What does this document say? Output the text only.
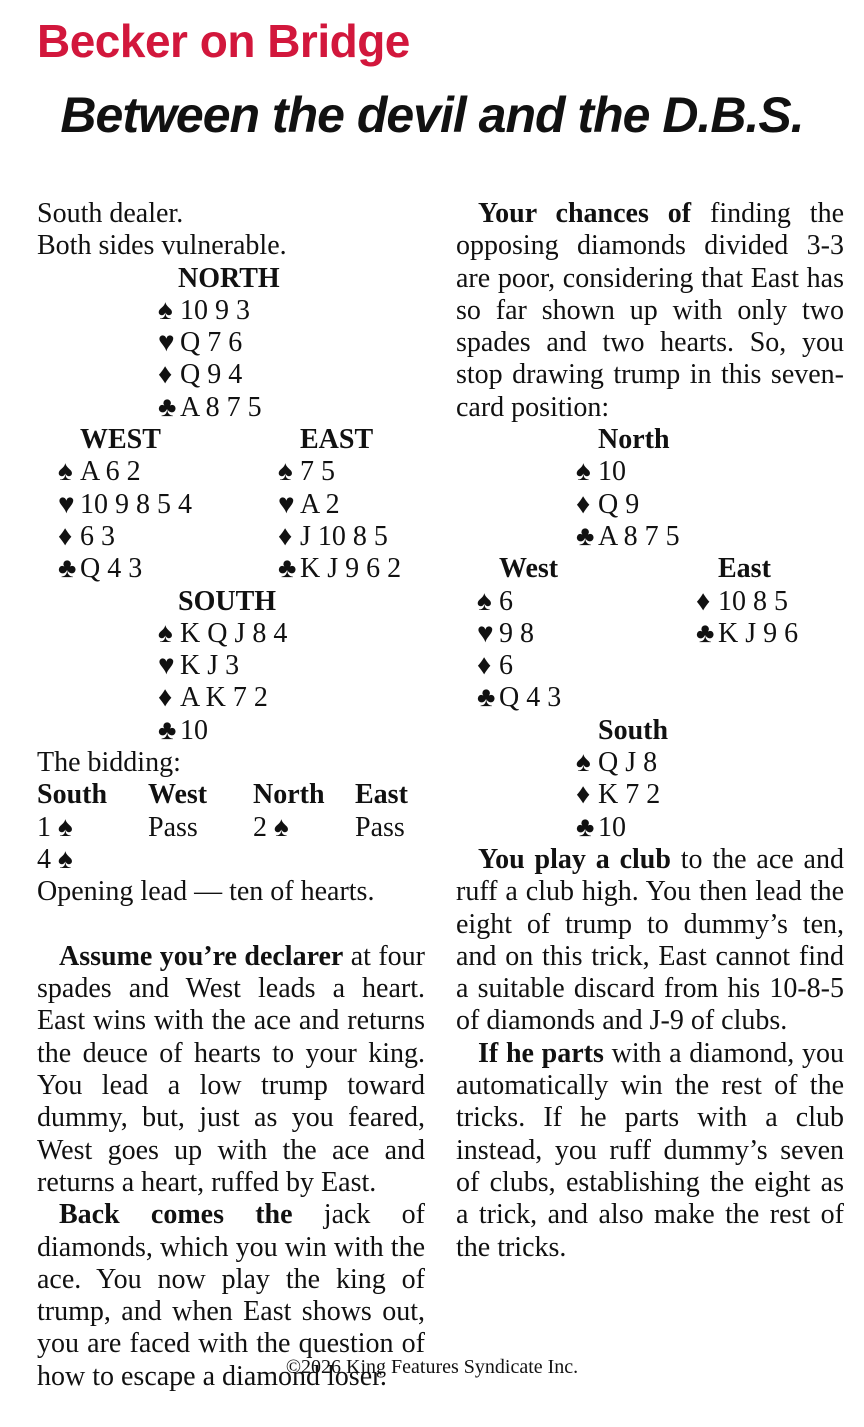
Becker on Bridge
Between the devil and the D.B.S.
South dealer.
Both sides vulnerable.
NORTH
♠ 10 9 3
♥ Q 7 6
♦ Q 9 4
♣ A 8 7 5
WEST	EAST
♠ A 6 2	♠ 7 5
♥ 10 9 8 5 4	♥ A 2
♦ 6 3	♦ J 10 8 5
♣ Q 4 3	♣ K J 9 6 2
SOUTH
♠ K Q J 8 4
♥ K J 3
♦ A K 7 2
♣ 10
The bidding:
South West North East
1 ♠	Pass 2 ♠ Pass
4 ♠
Opening lead — ten of hearts.

Assume you’re declarer at four spades and West leads a heart. East wins with the ace and returns the deuce of hearts to your king. You lead a low trump toward dummy, but, just as you feared, West goes up with the ace and returns a heart, ruffed by East.

Back comes the jack of diamonds, which you win with the ace. You now play the king of trump, and when East shows out, you are faced with the question of how to escape a diamond loser.

Your chances of finding the opposing diamonds divided 3-3 are poor, considering that East has so far shown up with only two spades and two hearts. So, you stop drawing trump in this seven-card position:

North
♠ 10
♦ Q 9
♣ A 8 7 5
West	East
♠ 6	♦ 10 8 5
♥ 9 8	♣ K J 9 6
♦ 6
♣ Q 4 3
South
♠ Q J 8
♦ K 7 2
♣ 10

You play a club to the ace and ruff a club high. You then lead the eight of trump to dummy’s ten, and on this trick, East cannot find a suitable discard from his 10-8-5 of diamonds and J-9 of clubs.

If he parts with a diamond, you automatically win the rest of the tricks. If he parts with a club instead, you ruff dummy’s seven of clubs, establishing the eight as a trick, and also make the rest of the tricks.

©2026 King Features Syndicate Inc.
